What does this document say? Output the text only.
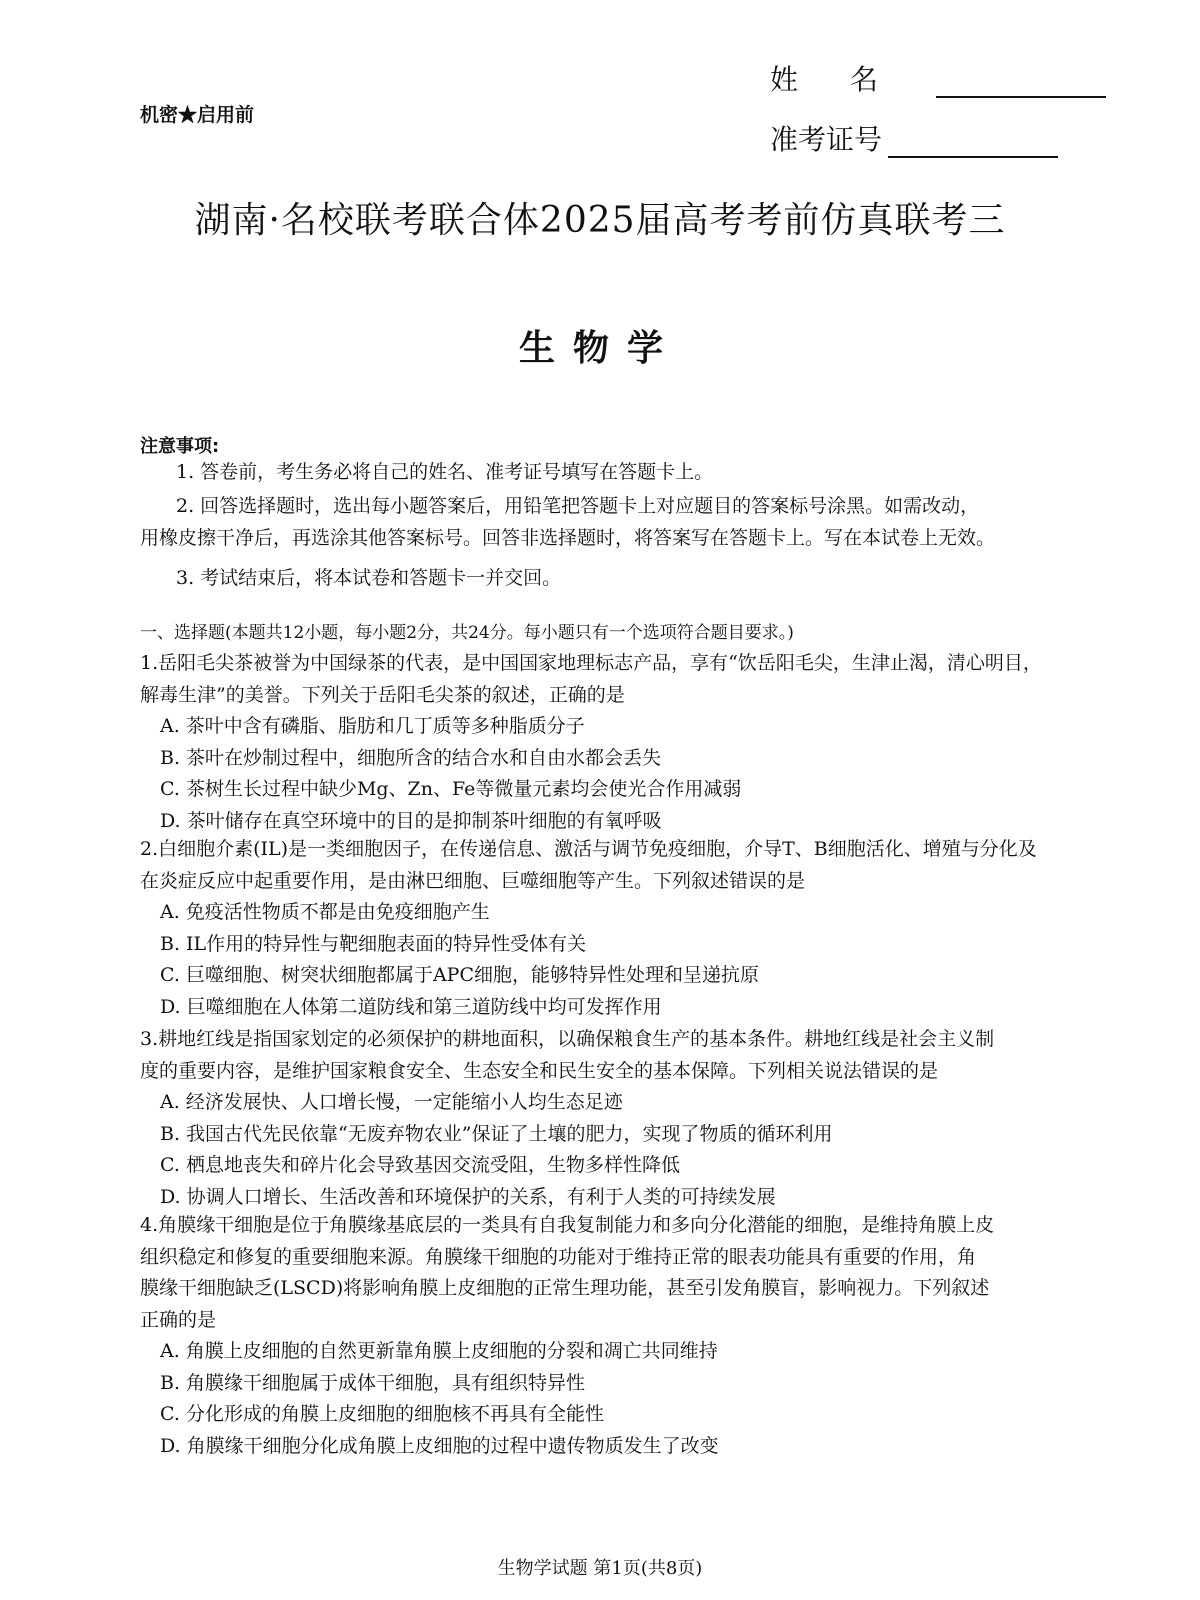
机密★启用前
姓名
准考证号
湖南·名校联考联合体2025届高考考前仿真联考三
生物学
注意事项:
1. 答卷前，考生务必将自己的姓名、准考证号填写在答题卡上。
2. 回答选择题时，选出每小题答案后，用铅笔把答题卡上对应题目的答案标号涂黑。如需改动，
用橡皮擦干净后，再选涂其他答案标号。回答非选择题时，将答案写在答题卡上。写在本试卷上无效。
3. 考试结束后，将本试卷和答题卡一并交回。
一、选择题(本题共12小题，每小题2分，共24分。每小题只有一个选项符合题目要求。)
1.岳阳毛尖茶被誉为中国绿茶的代表，是中国国家地理标志产品，享有“饮岳阳毛尖，生津止渴，清心明目，
解毒生津”的美誉。下列关于岳阳毛尖茶的叙述，正确的是
A. 茶叶中含有磷脂、脂肪和几丁质等多种脂质分子
B. 茶叶在炒制过程中，细胞所含的结合水和自由水都会丢失
C. 茶树生长过程中缺少Mg、Zn、Fe等微量元素均会使光合作用减弱
D. 茶叶储存在真空环境中的目的是抑制茶叶细胞的有氧呼吸
2.白细胞介素(IL)是一类细胞因子，在传递信息、激活与调节免疫细胞，介导T、B细胞活化、增殖与分化及
在炎症反应中起重要作用，是由淋巴细胞、巨噬细胞等产生。下列叙述错误的是
A. 免疫活性物质不都是由免疫细胞产生
B. IL作用的特异性与靶细胞表面的特异性受体有关
C. 巨噬细胞、树突状细胞都属于APC细胞，能够特异性处理和呈递抗原
D. 巨噬细胞在人体第二道防线和第三道防线中均可发挥作用
3.耕地红线是指国家划定的必须保护的耕地面积，以确保粮食生产的基本条件。耕地红线是社会主义制
度的重要内容，是维护国家粮食安全、生态安全和民生安全的基本保障。下列相关说法错误的是
A. 经济发展快、人口增长慢，一定能缩小人均生态足迹
B. 我国古代先民依靠“无废弃物农业”保证了土壤的肥力，实现了物质的循环利用
C. 栖息地丧失和碎片化会导致基因交流受阻，生物多样性降低
D. 协调人口增长、生活改善和环境保护的关系，有利于人类的可持续发展
4.角膜缘干细胞是位于角膜缘基底层的一类具有自我复制能力和多向分化潜能的细胞，是维持角膜上皮
组织稳定和修复的重要细胞来源。角膜缘干细胞的功能对于维持正常的眼表功能具有重要的作用，角
膜缘干细胞缺乏(LSCD)将影响角膜上皮细胞的正常生理功能，甚至引发角膜盲，影响视力。下列叙述
正确的是
A. 角膜上皮细胞的自然更新靠角膜上皮细胞的分裂和凋亡共同维持
B. 角膜缘干细胞属于成体干细胞，具有组织特异性
C. 分化形成的角膜上皮细胞的细胞核不再具有全能性
D. 角膜缘干细胞分化成角膜上皮细胞的过程中遗传物质发生了改变
生物学试题 第1页(共8页)
